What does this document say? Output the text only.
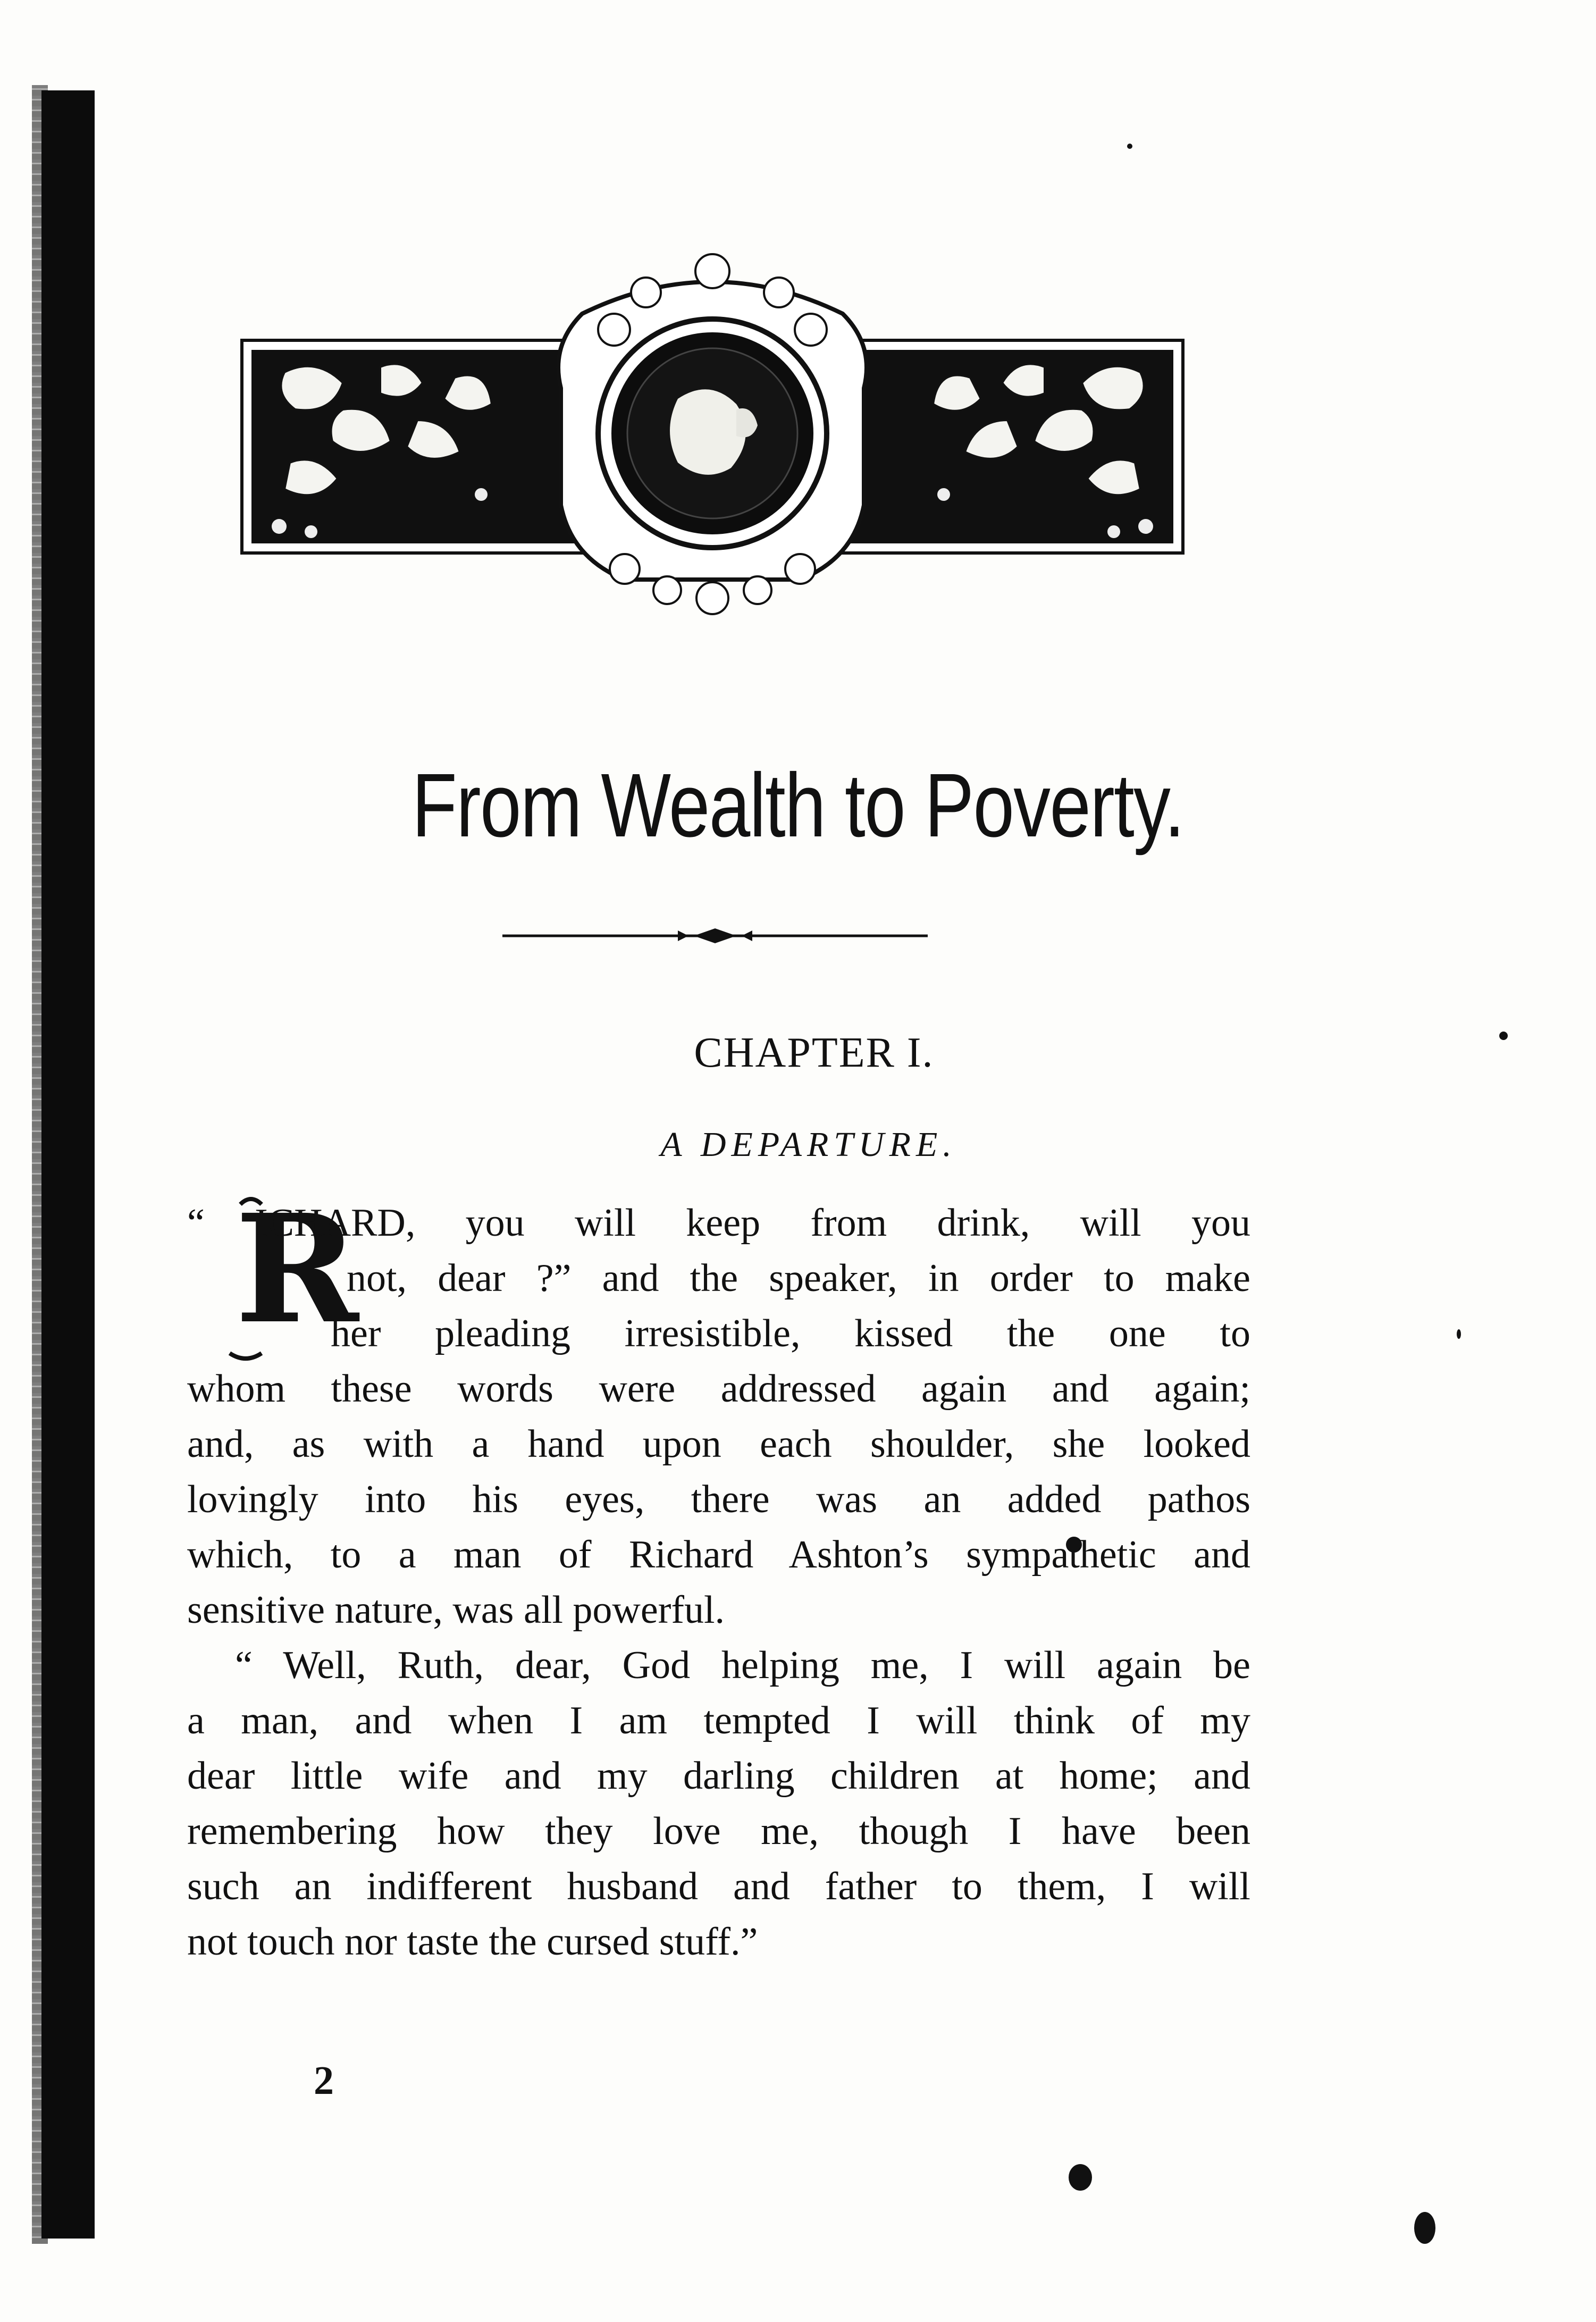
From Wealth to Poverty.
CHAPTER I.
A DEPARTURE.
R
“ ICHARD, you will keep from drink, will you
not, dear ?” and the speaker, in order to make
her pleading irresistible, kissed the one to
whom these words were addressed again and again;
and, as with a hand upon each shoulder, she looked
lovingly into his eyes, there was an added pathos
which, to a man of Richard Ashton’s sympathetic and
sensitive nature, was all powerful.
“ Well, Ruth, dear, God helping me, I will again be
a man, and when I am tempted I will think of my
dear little wife and my darling children at home; and
remembering how they love me, though I have been
such an indifferent husband and father to them, I will
not touch nor taste the cursed stuff.”
2
